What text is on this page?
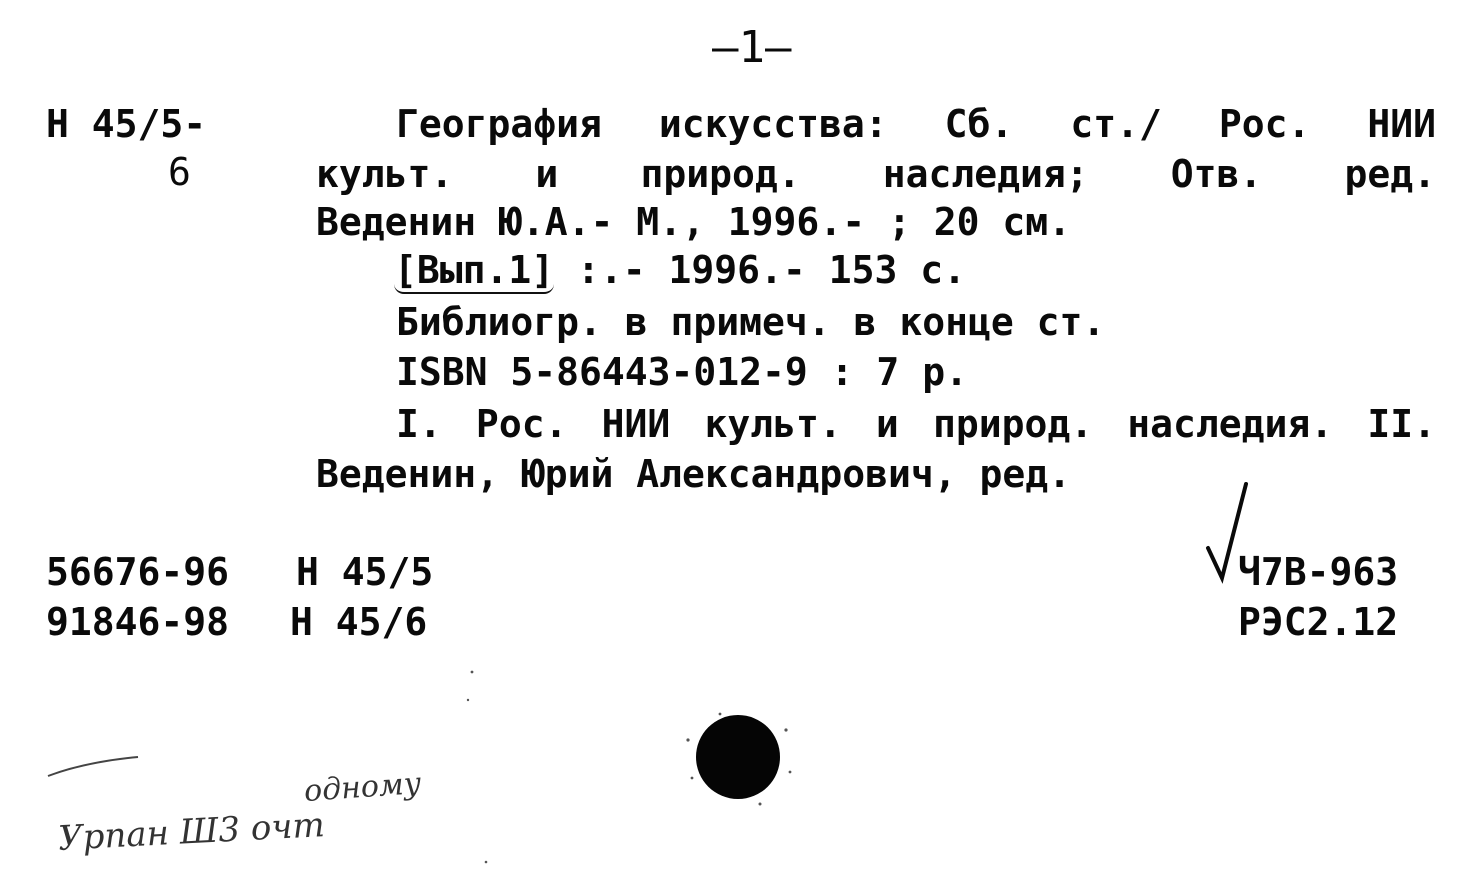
—1—
Н 45/5-
6
География искусства: Сб. ст./ Рос. НИИ
культ. и природ. наследия; Отв. ред.
Веденин Ю.А.- М., 1996.- ; 20 см.
[Вып.1] :.- 1996.- 153 с.
Библиогр. в примеч. в конце ст.
ISBN 5-86443-012-9 : 7 р.
I. Рос. НИИ культ. и природ. наследия. II.
Веденин, Юрий Александрович, ред.
56676-96 Н 45/5
91846-98 Н 45/6
Ч7В-963
РЭС2.12
одному
Урпан Ш3 очт
